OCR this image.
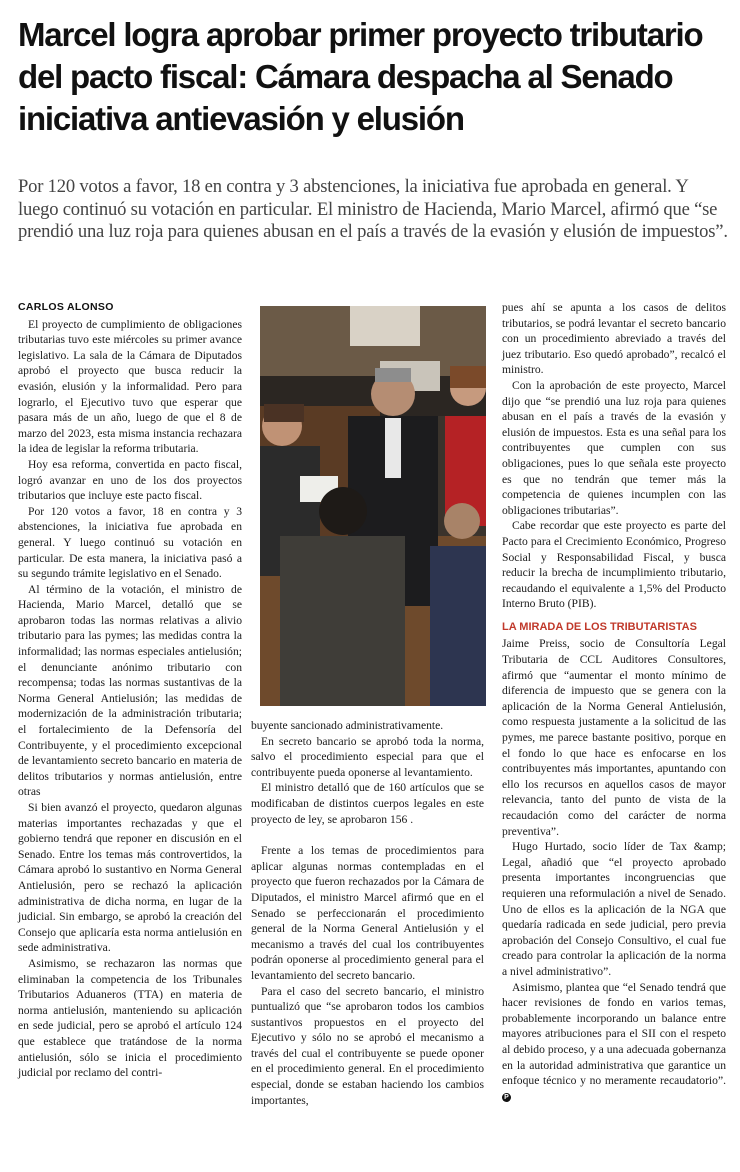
Marcel logra aprobar primer proyecto tributario del pacto fiscal: Cámara despacha al Senado iniciativa antievasión y elusión

Por 120 votos a favor, 18 en contra y 3 abstenciones, la iniciativa fue aprobada en general. Y luego continuó su votación en particular. El ministro de Hacienda, Mario Marcel, afirmó que “se prendió una luz roja para quienes abusan en el país a través de la evasión y elusión de impuestos”.

CARLOS ALONSO

El proyecto de cumplimiento de obligaciones tributarias tuvo este miércoles su primer avance legislativo. La sala de la Cámara de Diputados aprobó el proyecto que busca reducir la evasión, elusión y la informalidad. Pero para lograrlo, el Ejecutivo tuvo que esperar que pasara más de un año, luego de que el 8 de marzo del 2023, esta misma instancia rechazara la idea de legislar la reforma tributaria.

Hoy esa reforma, convertida en pacto fiscal, logró avanzar en uno de los dos proyectos tributarios que incluye este pacto fiscal.

Por 120 votos a favor, 18 en contra y 3 abstenciones, la iniciativa fue aprobada en general. Y luego continuó su votación en particular. De esta manera, la iniciativa pasó a su segundo trámite legislativo en el Senado.

Al término de la votación, el ministro de Hacienda, Mario Marcel, detalló que se aprobaron todas las normas relativas a alivio tributario para las pymes; las medidas contra la informalidad; las normas especiales antielusión; el denunciante anónimo tributario con recompensa; todas las normas sustantivas de la Norma General Antielusión; las medidas de modernización de la administración tributaria; el fortalecimiento de la Defensoría del Contribuyente, y el procedimiento excepcional de levantamiento secreto bancario en materia de delitos tributarios y normas antielusión, entre otras

Si bien avanzó el proyecto, quedaron algunas materias importantes rechazadas y que el gobierno tendrá que reponer en discusión en el Senado. Entre los temas más controvertidos, la Cámara aprobó lo sustantivo en Norma General Antielusión, pero se rechazó la aplicación administrativa de dicha norma, en lugar de la judicial. Sin embargo, se aprobó la creación del Consejo que aplicaría esta norma antielusión en sede administrativa.

Asimismo, se rechazaron las normas que eliminaban la competencia de los Tribunales Tributarios Aduaneros (TTA) en materia de norma antielusión, manteniendo su aplicación en sede judicial, pero se aprobó el artículo 124 que establece que tratándose de la norma antielusión, sólo se inicia el procedimiento judicial por reclamo del contri-

buyente sancionado administrativamente.

En secreto bancario se aprobó toda la norma, salvo el procedimiento especial para que el contribuyente pueda oponerse al levantamiento.

El ministro detalló que de 160 artículos que se modificaban de distintos cuerpos legales en este proyecto de ley, se aprobaron 156 .

Frente a los temas de procedimientos para aplicar algunas normas contempladas en el proyecto que fueron rechazados por la Cámara de Diputados, el ministro Marcel afirmó que en el Senado se perfeccionarán el procedimiento general de la Norma General Antielusión y el mecanismo a través del cual los contribuyentes podrán oponerse al procedimiento general para el levantamiento del secreto bancario.

Para el caso del secreto bancario, el ministro puntualizó que “se aprobaron todos los cambios sustantivos propuestos en el proyecto del Ejecutivo y sólo no se aprobó el mecanismo a través del cual el contribuyente se puede oponer en el procedimiento general. En el procedimiento especial, donde se estaban haciendo los cambios importantes,

pues ahí se apunta a los casos de delitos tributarios, se podrá levantar el secreto bancario con un procedimiento abreviado a través del juez tributario. Eso quedó aprobado”, recalcó el ministro.

Con la aprobación de este proyecto, Marcel dijo que “se prendió una luz roja para quienes abusan en el país a través de la evasión y elusión de impuestos. Esta es una señal para los contribuyentes que cumplen con sus obligaciones, pues lo que señala este proyecto es que no tendrán que temer más la competencia de quienes incumplen con las obligaciones tributarias”.

Cabe recordar que este proyecto es parte del Pacto para el Crecimiento Económico, Progreso Social y Responsabilidad Fiscal, y busca reducir la brecha de incumplimiento tributario, recaudando el equivalente a 1,5% del Producto Interno Bruto (PIB).

LA MIRADA DE LOS TRIBUTARISTAS

Jaime Preiss, socio de Consultoría Legal Tributaria de CCL Auditores Consultores, afirmó que “aumentar el monto mínimo de diferencia de impuesto que se genera con la aplicación de la Norma General Antielusión, como respuesta justamente a la solicitud de las pymes, me parece bastante positivo, porque en el fondo lo que hace es enfocarse en los contribuyentes más importantes, apuntando con ello los recursos en aquellos casos de mayor relevancia, tanto del punto de vista de la recaudación como del carácter de norma preventiva”.

Hugo Hurtado, socio líder de Tax &amp; Legal, añadió que “el proyecto aprobado presenta importantes incongruencias que requieren una reformulación a nivel de Senado. Uno de ellos es la aplicación de la NGA que quedaría radicada en sede judicial, pero previa aprobación del Consejo Consultivo, el cual fue creado para controlar la aplicación de la norma a nivel administrativo”.

Asimismo, plantea que “el Senado tendrá que hacer revisiones de fondo en varios temas, probablemente incorporando un balance entre mayores atribuciones para el SII con el respeto al debido proceso, y a una adecuada gobernanza en la autoridad administrativa que garantice un enfoque técnico y no meramente recaudatorio”. P
